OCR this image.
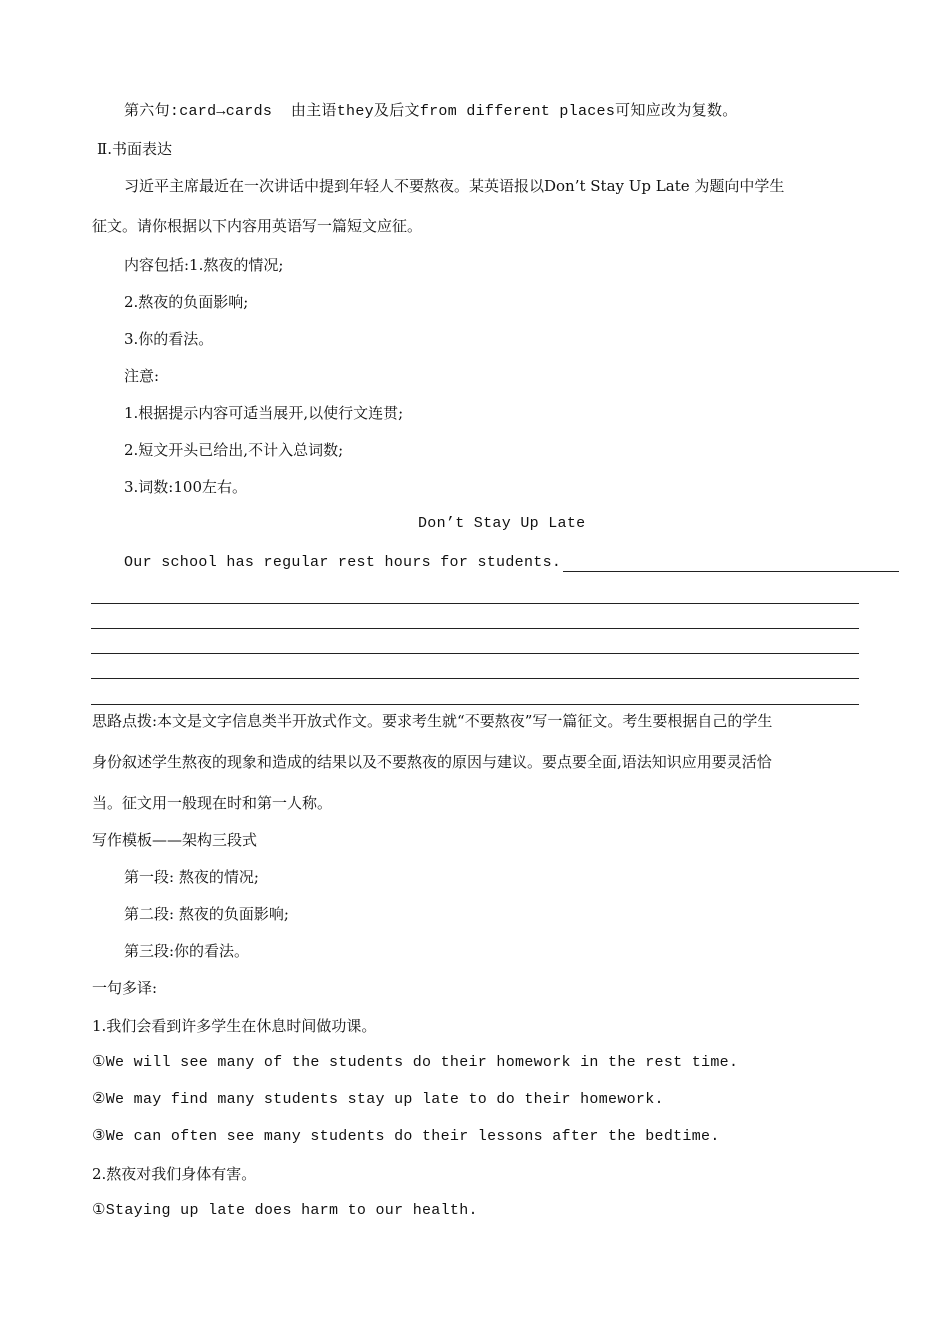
第六句:card→cards  由主语they及后文from different places可知应改为复数。
Ⅱ.书面表达
习近平主席最近在一次讲话中提到年轻人不要熬夜。某英语报以Don’t Stay Up Late 为题向中学生
征文。请你根据以下内容用英语写一篇短文应征。
内容包括:1.熬夜的情况;
2.熬夜的负面影响;
3.你的看法。
注意:
1.根据提示内容可适当展开,以使行文连贯;
2.短文开头已给出,不计入总词数;
3.词数:100左右。
Don’t Stay Up Late
Our school has regular rest hours for students.
思路点拨:本文是文字信息类半开放式作文。要求考生就“不要熬夜”写一篇征文。考生要根据自己的学生
身份叙述学生熬夜的现象和造成的结果以及不要熬夜的原因与建议。要点要全面,语法知识应用要灵活恰
当。征文用一般现在时和第一人称。
写作模板——架构三段式
第一段: 熬夜的情况;
第二段: 熬夜的负面影响;
第三段:你的看法。
一句多译:
1.我们会看到许多学生在休息时间做功课。
①We will see many of the students do their homework in the rest time.
②We may find many students stay up late to do their homework.
③We can often see many students do their lessons after the bedtime.
2.熬夜对我们身体有害。
①Staying up late does harm to our health.
